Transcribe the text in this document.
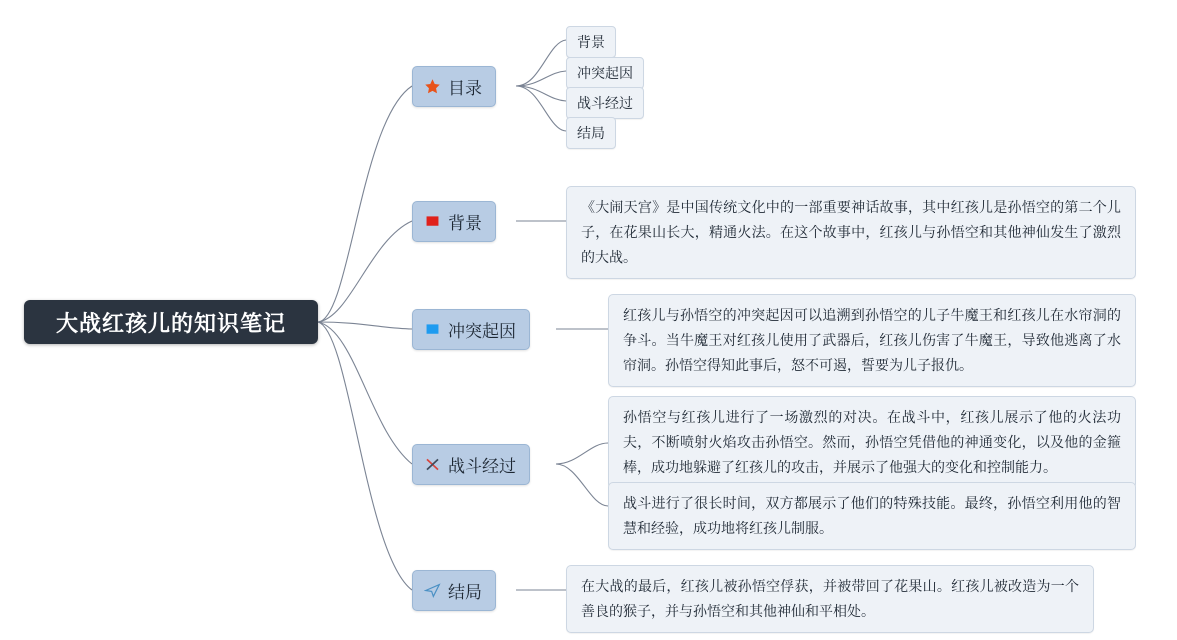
大战红孩儿的知识笔记
目录
背景
冲突起因
战斗经过
结局
背景
《大闹天宫》是中国传统文化中的一部重要神话故事，其中红孩儿是孙悟空的第二个儿子，在花果山长大，精通火法。在这个故事中，红孩儿与孙悟空和其他神仙发生了激烈的大战。
冲突起因
红孩儿与孙悟空的冲突起因可以追溯到孙悟空的儿子牛魔王和红孩儿在水帘洞的争斗。当牛魔王对红孩儿使用了武器后，红孩儿伤害了牛魔王，导致他逃离了水帘洞。孙悟空得知此事后，怒不可遏，誓要为儿子报仇。
战斗经过
孙悟空与红孩儿进行了一场激烈的对决。在战斗中，红孩儿展示了他的火法功夫，不断喷射火焰攻击孙悟空。然而，孙悟空凭借他的神通变化，以及他的金箍棒，成功地躲避了红孩儿的攻击，并展示了他强大的变化和控制能力。
战斗进行了很长时间，双方都展示了他们的特殊技能。最终，孙悟空利用他的智慧和经验，成功地将红孩儿制服。
结局	在大战的最后，红孩儿被孙悟空俘获，并被带回了花果山。红孩儿被改造为一个善良的猴子，并与孙悟空和其他神仙和平相处。
